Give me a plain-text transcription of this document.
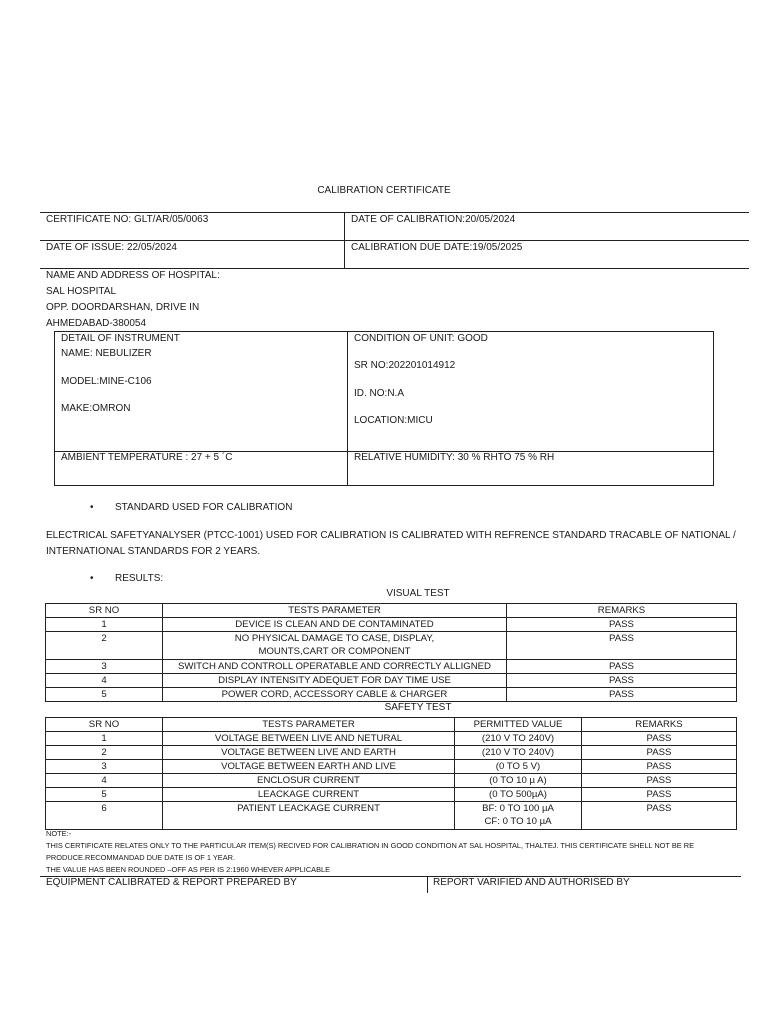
CALIBRATION CERTIFICATE
CERTIFICATE NO: GLT/AR/05/0063	DATE OF CALIBRATION:20/05/2024
DATE OF ISSUE: 22/05/2024	CALIBRATION DUE DATE:19/05/2025
NAME AND ADDRESS OF HOSPITAL:
SAL HOSPITAL
OPP. DOORDARSHAN, DRIVE IN
AHMEDABAD-380054
DETAIL OF INSTRUMENT
NAME: NEBULIZER
MODEL:MINE-C106
MAKE:OMRON
CONDITION OF UNIT: GOOD
SR NO:202201014912
ID. NO:N.A
LOCATION:MICU
AMBIENT TEMPERATURE : 27 + 5 ´C	RELATIVE HUMIDITY: 30 % RHTO 75 % RH
• STANDARD USED FOR CALIBRATION
ELECTRICAL SAFETYANALYSER (PTCC-1001) USED FOR CALIBRATION IS CALIBRATED WITH REFRENCE STANDARD TRACABLE OF NATIONAL /
INTERNATIONAL STANDARDS FOR 2 YEARS.
• RESULTS:
VISUAL TEST
SR NO	TESTS PARAMETER	REMARKS
1	DEVICE IS CLEAN AND DE CONTAMINATED	PASS
2	NO PHYSICAL DAMAGE TO CASE, DISPLAY, MOUNTS,CART OR COMPONENT	PASS
3	SWITCH AND CONTROLL OPERATABLE AND CORRECTLY ALLIGNED	PASS
4	DISPLAY INTENSITY ADEQUET FOR DAY TIME USE	PASS
5	POWER CORD, ACCESSORY CABLE & CHARGER	PASS
SAFETY TEST
SR NO	TESTS PARAMETER	PERMITTED VALUE	REMARKS
1	VOLTAGE BETWEEN LIVE AND NETURAL	(210 V TO 240V)	PASS
2	VOLTAGE BETWEEN LIVE AND EARTH	(210 V TO 240V)	PASS
3	VOLTAGE BETWEEN EARTH AND LIVE	(0 TO 5 V)	PASS
4	ENCLOSUR CURRENT	(0 TO 10 µ A)	PASS
5	LEACKAGE CURRENT	(0 TO 500µA)	PASS
6	PATIENT LEACKAGE CURRENT	BF: 0 TO 100 µA
CF: 0 TO 10 µA	PASS
NOTE:-
THIS CERTIFICATE RELATES ONLY TO THE PARTICULAR ITEM(S) RECIVED FOR CALIBRATION IN GOOD CONDITION AT SAL HOSPITAL, THALTEJ. THIS CERTIFICATE SHELL NOT BE RE
PRODUCE.RECOMMANDAD DUE DATE IS OF 1 YEAR.
THE VALUE HAS BEEN ROUNDED –OFF AS PER IS 2:1960 WHEVER APPLICABLE
EQUIPMENT CALIBRATED & REPORT PREPARED BY	REPORT VARIFIED AND AUTHORISED BY
